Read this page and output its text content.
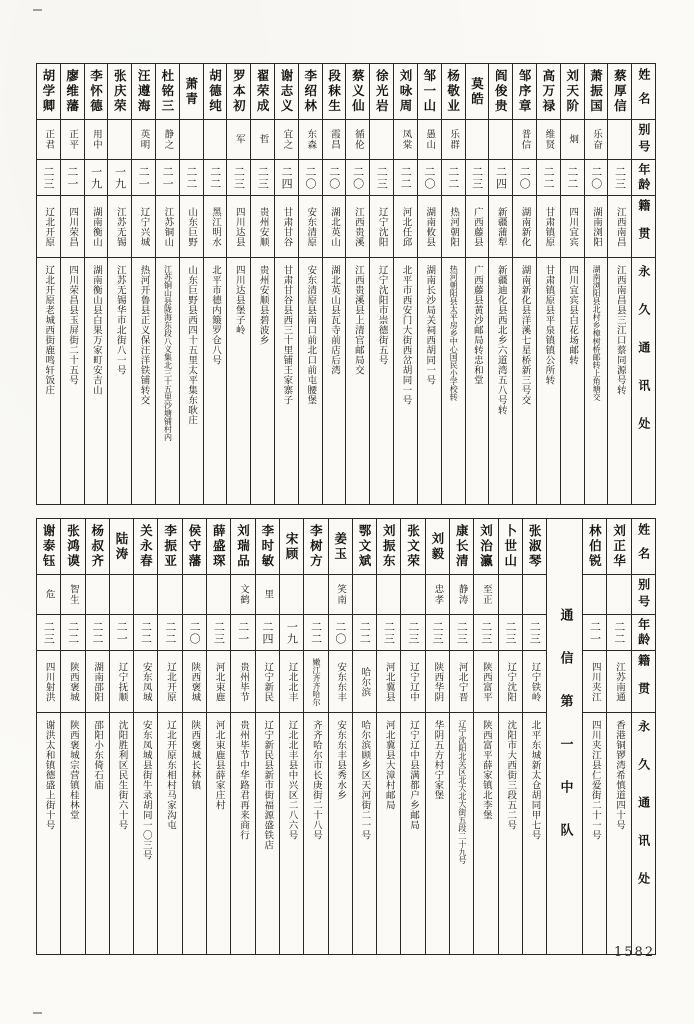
姓名
别号
年龄
籍贯
永久通讯处
蔡厚信
二三
江西南昌
江西南昌县三江口蔡同源号转
萧振国
乐奋
二〇
湖南浏阳
湖南浏阳县北村乡樟树桥邮转上角塘交
刘天阶
炯
二二
四川宜宾
四川宜宾县白花场邮转
高万禄
维贤
二二
甘肃镇原
甘肃镇原县平泉镇镇公所转
邹序章
普信
二〇
湖南新化
湖南新化县洋溪七星桥新三号交
阎俊贵
二四
新疆蒲犁
新疆迪化县西北乡六道湾五八号转
莫皓
二三
广西藤县
广西藤县黄沙邮局转忠和堂
杨敬业
乐群
二二
热河朝阳
热河朝阳县太平房乡中心国民小学校转
邹一山
愚山
二〇
湖南攸县
湖南长沙局关祠西胡同一号
刘咏周
凤棠
二二
河北任邱
北平市西安门大街西岔胡同一号
徐光岩
二三
辽宁沈阳
辽宁沈阳市崇德街五号
蔡义仙
循伦
二〇
江西贵溪
江西贵溪县上清官邮局交
段秣生
霞昌
二〇
湖北英山
湖北英山县瓦寺前店后湾
李绍林
东森
二〇
安东清原
安东清原县南口前北口前屯腰堡
谢志义
宜之
二四
甘肃甘谷
甘肃甘谷县西三十里铺王家寨子
翟荣成
哲
二三
贵州安顺
贵州安顺县碧波乡
罗本初
军
二三
四川达县
四川达县堡子岭
胡德纯
二二
黑江明水
北平市德内簸罗仓八号
萧青
二二
山东巨野
山东巨野县西四十五里太平集东耿庄
杜铭三
静之
二一
江苏铜山
江苏铜山县陇海东段八义集北三十五里沙塘铺村内
汪遵海
英明
二一
辽宁兴城
热河开鲁县正义保汪洋铁铺转交
张庆荣
一九
江苏无锡
江苏无锡华市北街八一号
李怀德
用中
一九
湖南衡山
湖南衡山县白果万家町安吉山
廖维藩
正平
二一
四川荣昌
四川荣昌县玉屏街二十五号
胡学卿
正君
二三
辽北开原
辽北开原老城西街鹿鸣轩饭庄
姓名
别号
年龄
籍贯
永久通讯处
刘正华
二二
江苏南通
香港铜锣湾希慎道四十号
林伯锐
二一
四川夹江
四川夹江县仁爱街二十一号
通信第一中队
张淑琴
二三
辽宁铁岭
北平东城新太仓胡同甲七号
卜世山
二三
辽宁沈阳
沈阳市大西街三段五二号
刘治瀛
至正
二三
陕西富平
陕西富平薛家镇北李堡
康长清
静涛
二三
河北宁晋
辽宁沈阳北关区北大北大街五段二十九号
刘毅
忠孝
二三
陕西华阴
华阴五方村宁家堡
张文荣
二三
辽宁辽中
辽宁辽中县满都户乡邮局
刘振东
二三
河北冀县
河北冀县大漳村邮局
鄂文斌
二二
哈尔滨
哈尔滨顾乡区天河街二一号
姜玉
笑南
二〇
安东东丰
安东东丰县秀水乡
李树方
二二
嫩江齐齐哈尔
齐齐哈尔市长庚街二十八号
宋顾
一九
辽北北丰
辽北北丰县中兴区二八六号
李时敏
里
二四
辽宁新民
辽宁新民县新市街福源盛铁店
刘瑞品
文鹤
二一
贵州毕节
贵州毕节中华路君再来商行
薛盛琛
二三
河北束鹿
河北束鹿县薛家庄村
侯守藩
二〇
陕西褒城
陕西褒城长林镇
李振亚
二二
辽北开原
辽北开原东相村马家沟屯
关永春
二二
安东凤城
安东凤城县街牛录胡同一〇三号
陆涛
二一
辽宁抚顺
沈阳胜利区民生街六十号
杨叔齐
二二
湖南邵阳
邵阳小东倚石庙
张鸿谟
智生
二二
陕西褒城
陕西褒城宗营镇桂林堂
谢泰钰
危
二三
四川射洪
谢洪太和镇德盛上街十号
1582
